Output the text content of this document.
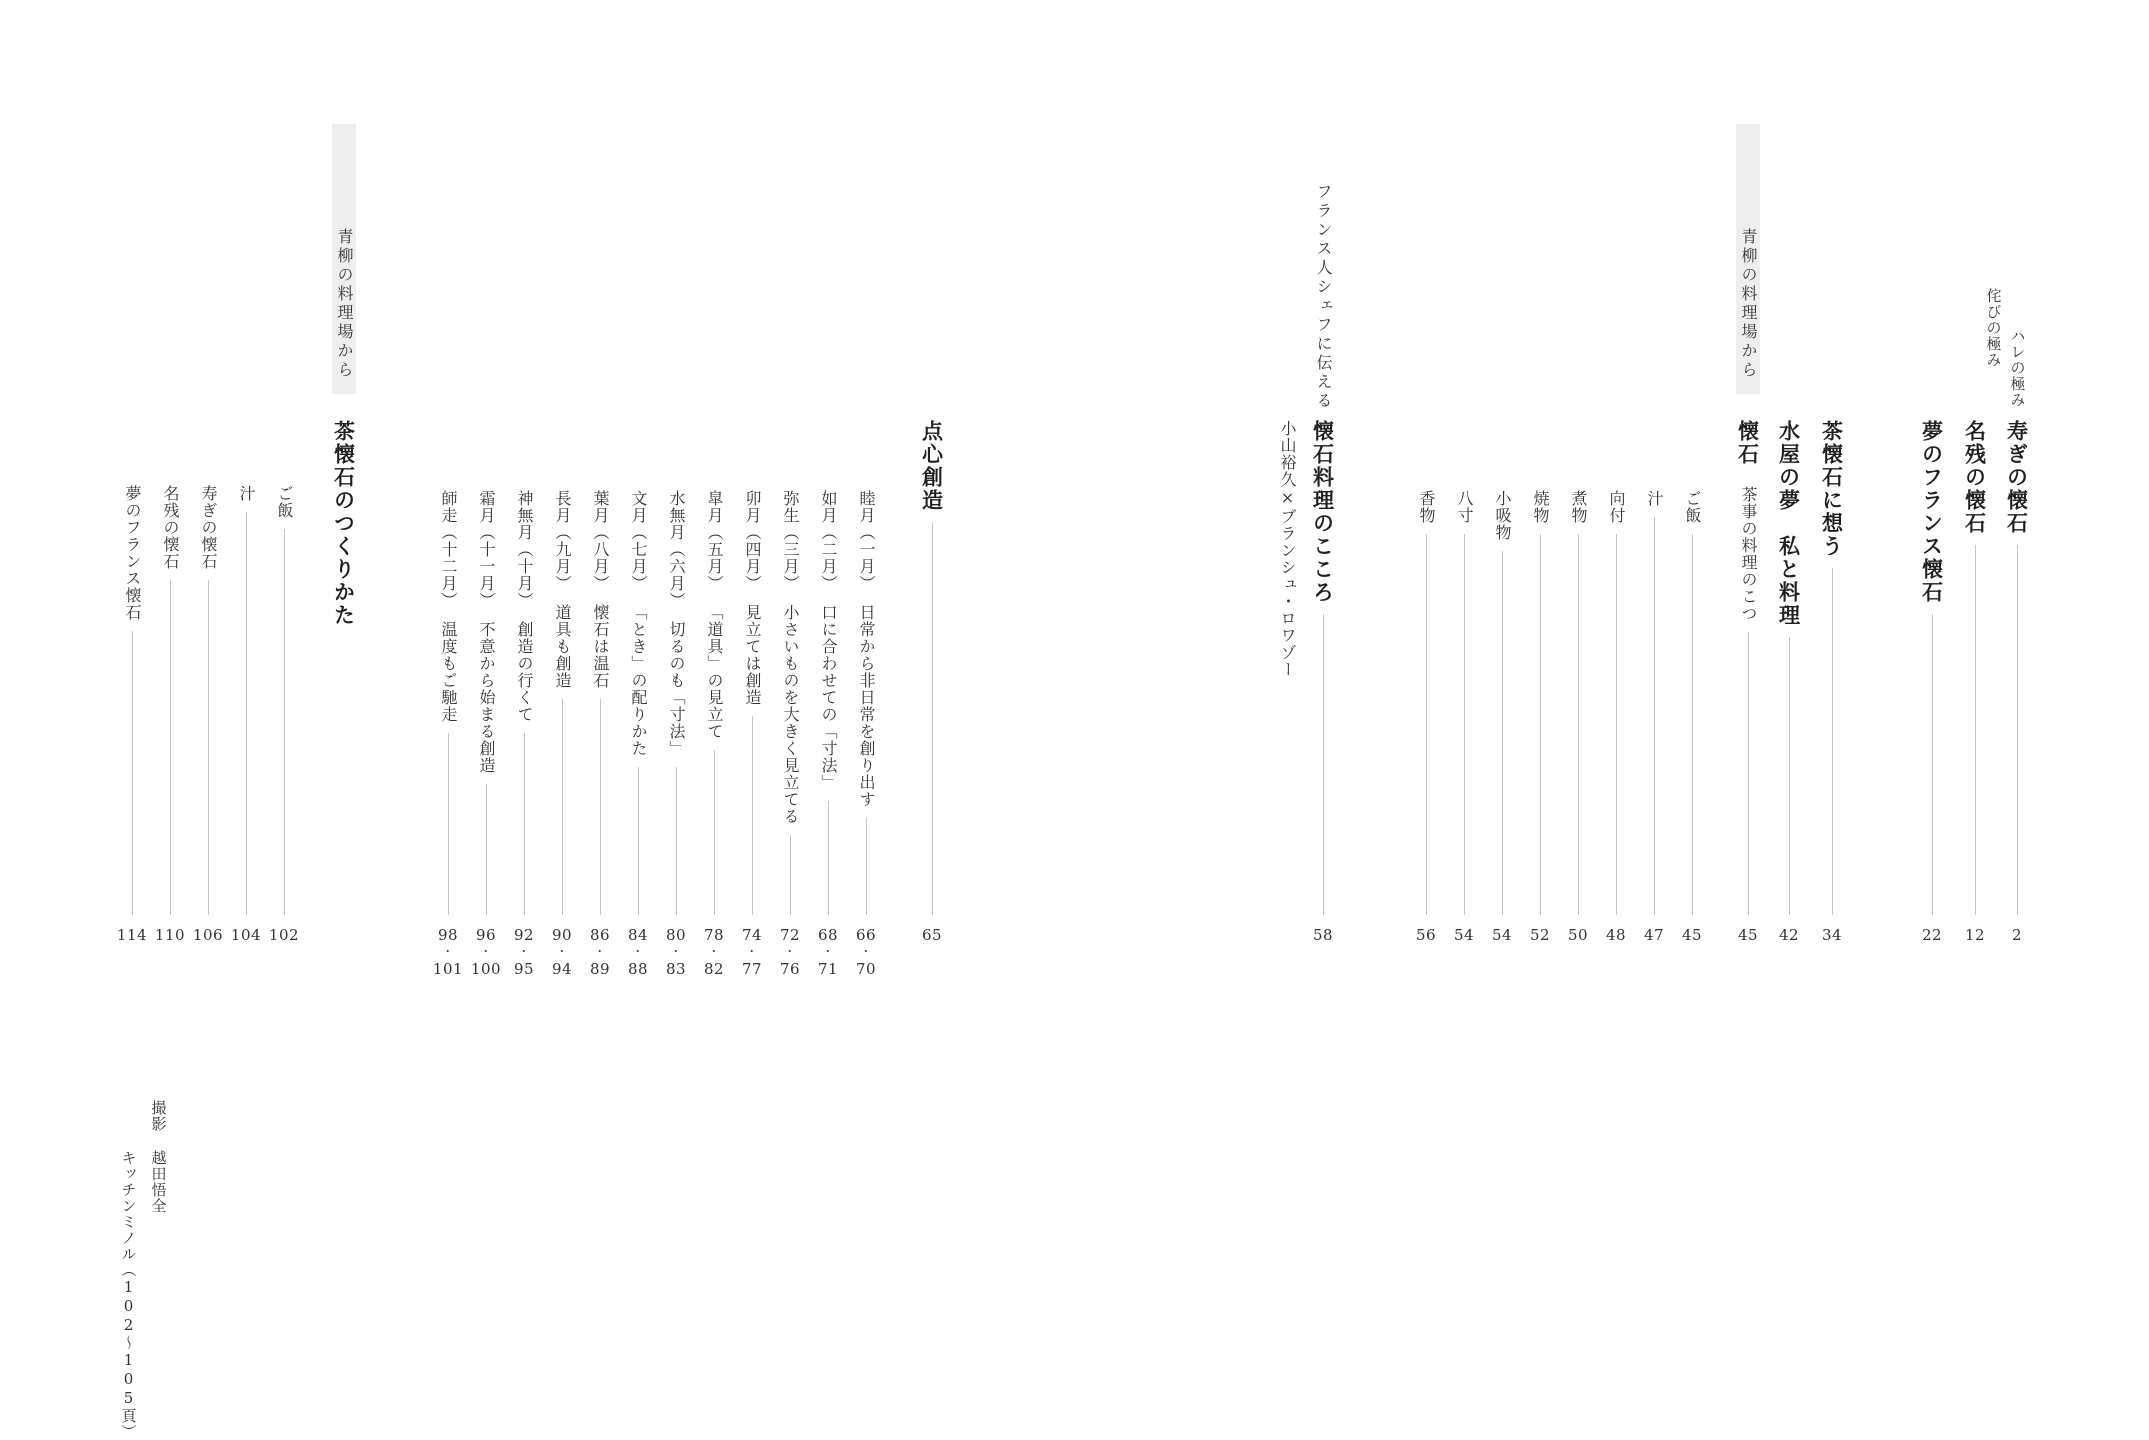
ハレの極み
侘びの極み
寿ぎの懐石
2
名残の懐石
12
夢のフランス懐石
22
青柳の料理場から
茶懐石に想う
34
水屋の夢　私と料理
42
懐石
茶事の料理のこつ
45
ご飯
45
汁
47
向付
48
煮物
50
焼物
52
小吸物
54
八寸
54
香物
56
フランス人シェフに伝える
懐石料理のこころ
58
小山裕久×ブランシュ・ロワゾー
点心創造
65
睦月（一月）
日常から非日常を創り出す
66
・
70
如月（二月）
口に合わせての「寸法」
68
・
71
弥生（三月）
小さいものを大きく見立てる
72
・
76
卯月（四月）
見立ては創造
74
・
77
皐月（五月）
「道具」の見立て
78
・
82
水無月（六月）
切るのも「寸法」
80
・
83
文月（七月）
「とき」の配りかた
84
・
88
葉月（八月）
懐石は温石
86
・
89
長月（九月）
道具も創造
90
・
94
神無月（十月）
創造の行くて
92
・
95
霜月（十一月）
不意から始まる創造
96
・
100
師走（十二月）
温度もご馳走
98
・
101
青柳の料理場から
茶懐石のつくりかた
ご飯
102
汁
104
寿ぎの懐石
106
名残の懐石
110
夢のフランス懐石
114
撮影
越田悟全
キッチンミノル（102〜105頁）
